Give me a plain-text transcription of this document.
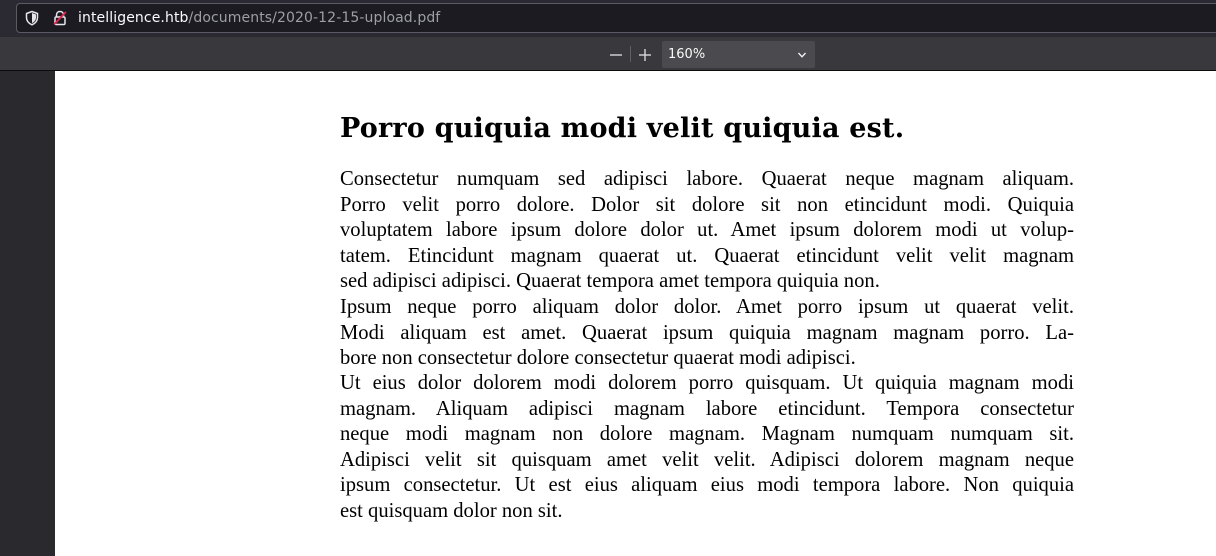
intelligence.htb/documents/2020-12-15-upload.pdf
160%
Porro quiquia modi velit quiquia est.

Consectetur numquam sed adipisci labore. Quaerat neque magnam aliquam.
Porro velit porro dolore. Dolor sit dolore sit non etincidunt modi. Quiquia
voluptatem labore ipsum dolore dolor ut. Amet ipsum dolorem modi ut volup-
tatem. Etincidunt magnam quaerat ut. Quaerat etincidunt velit velit magnam
sed adipisci adipisci. Quaerat tempora amet tempora quiquia non.

Ipsum neque porro aliquam dolor dolor. Amet porro ipsum ut quaerat velit.
Modi aliquam est amet. Quaerat ipsum quiquia magnam magnam porro. La-
bore non consectetur dolore consectetur quaerat modi adipisci.

Ut eius dolor dolorem modi dolorem porro quisquam. Ut quiquia magnam modi
magnam. Aliquam adipisci magnam labore etincidunt. Tempora consectetur
neque modi magnam non dolore magnam. Magnam numquam numquam sit.
Adipisci velit sit quisquam amet velit velit. Adipisci dolorem magnam neque
ipsum consectetur. Ut est eius aliquam eius modi tempora labore. Non quiquia
est quisquam dolor non sit.
